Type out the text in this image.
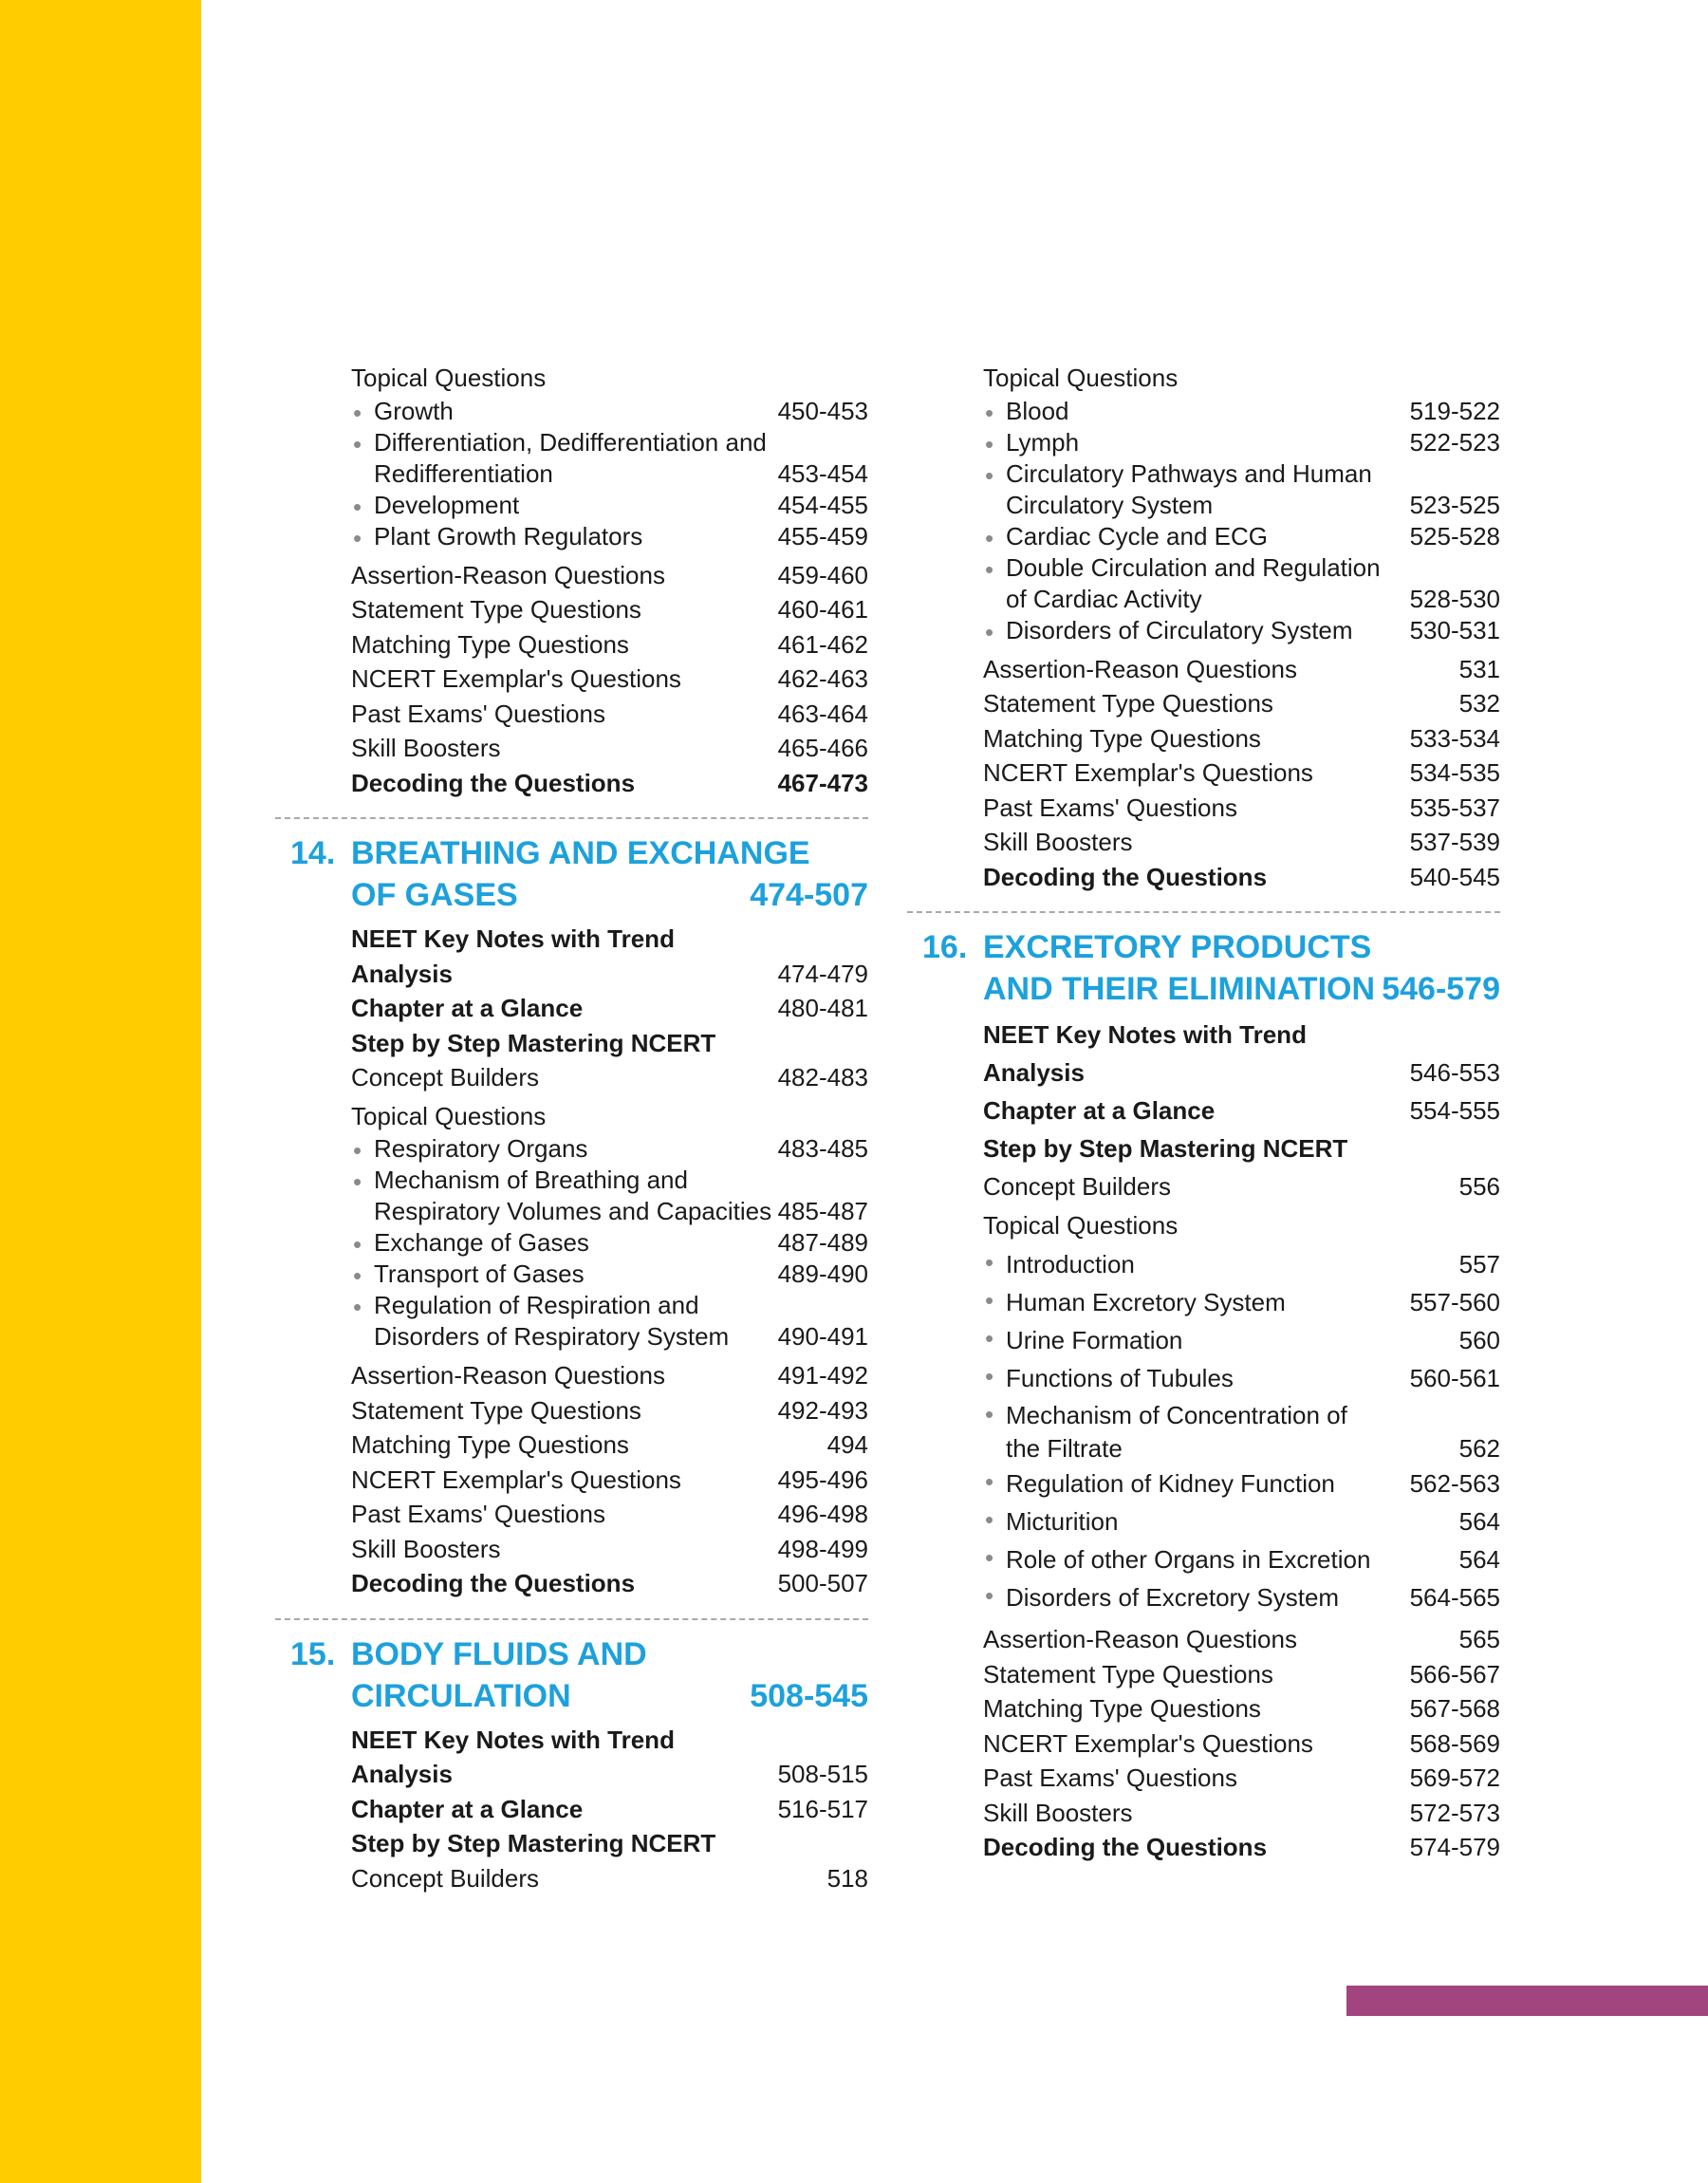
Topical Questions
• Growth	450-453
• Differentiation, Dedifferentiation and
Redifferentiation	453-454
• Development	454-455
• Plant Growth Regulators	455-459
Assertion-Reason Questions	459-460
Statement Type Questions	460-461
Matching Type Questions	461-462
NCERT Exemplar's Questions	462-463
Past Exams' Questions	463-464
Skill Boosters	465-466
Decoding the Questions	467-473
14. BREATHING AND EXCHANGE
OF GASES	474-507
NEET Key Notes with Trend Analysis	474-479
Chapter at a Glance	480-481
Step by Step Mastering NCERT
Concept Builders	482-483
Topical Questions
• Respiratory Organs	483-485
• Mechanism of Breathing and
Respiratory Volumes and Capacities 485-487
• Exchange of Gases	487-489
• Transport of Gases	489-490
• Regulation of Respiration and
Disorders of Respiratory System 490-491
Assertion-Reason Questions	491-492
Statement Type Questions	492-493
Matching Type Questions	494
NCERT Exemplar's Questions	495-496
Past Exams' Questions	496-498
Skill Boosters	498-499
Decoding the Questions	500-507
15. BODY FLUIDS AND
CIRCULATION	508-545
NEET Key Notes with Trend Analysis	508-515
Chapter at a Glance	516-517
Step by Step Mastering NCERT
Concept Builders	518
Topical Questions
• Blood	519-522
• Lymph	522-523
• Circulatory Pathways and Human
Circulatory System	523-525
• Cardiac Cycle and ECG	525-528
• Double Circulation and Regulation
of Cardiac Activity	528-530
• Disorders of Circulatory System 530-531
Assertion-Reason Questions	531
Statement Type Questions	532
Matching Type Questions	533-534
NCERT Exemplar's Questions	534-535
Past Exams' Questions	535-537
Skill Boosters	537-539
Decoding the Questions	540-545
16. EXCRETORY PRODUCTS
AND THEIR ELIMINATION 546-579
NEET Key Notes with Trend Analysis	546-553
Chapter at a Glance	554-555
Step by Step Mastering NCERT
Concept Builders	556
Topical Questions
• Introduction	557
• Human Excretory System	557-560
• Urine Formation	560
• Functions of Tubules	560-561
• Mechanism of Concentration of
the Filtrate	562
• Regulation of Kidney Function	562-563
• Micturition	564
• Role of other Organs in Excretion	564
• Disorders of Excretory System	564-565
Assertion-Reason Questions	565
Statement Type Questions	566-567
Matching Type Questions	567-568
NCERT Exemplar's Questions	568-569
Past Exams' Questions	569-572
Skill Boosters	572-573
Decoding the Questions	574-579
